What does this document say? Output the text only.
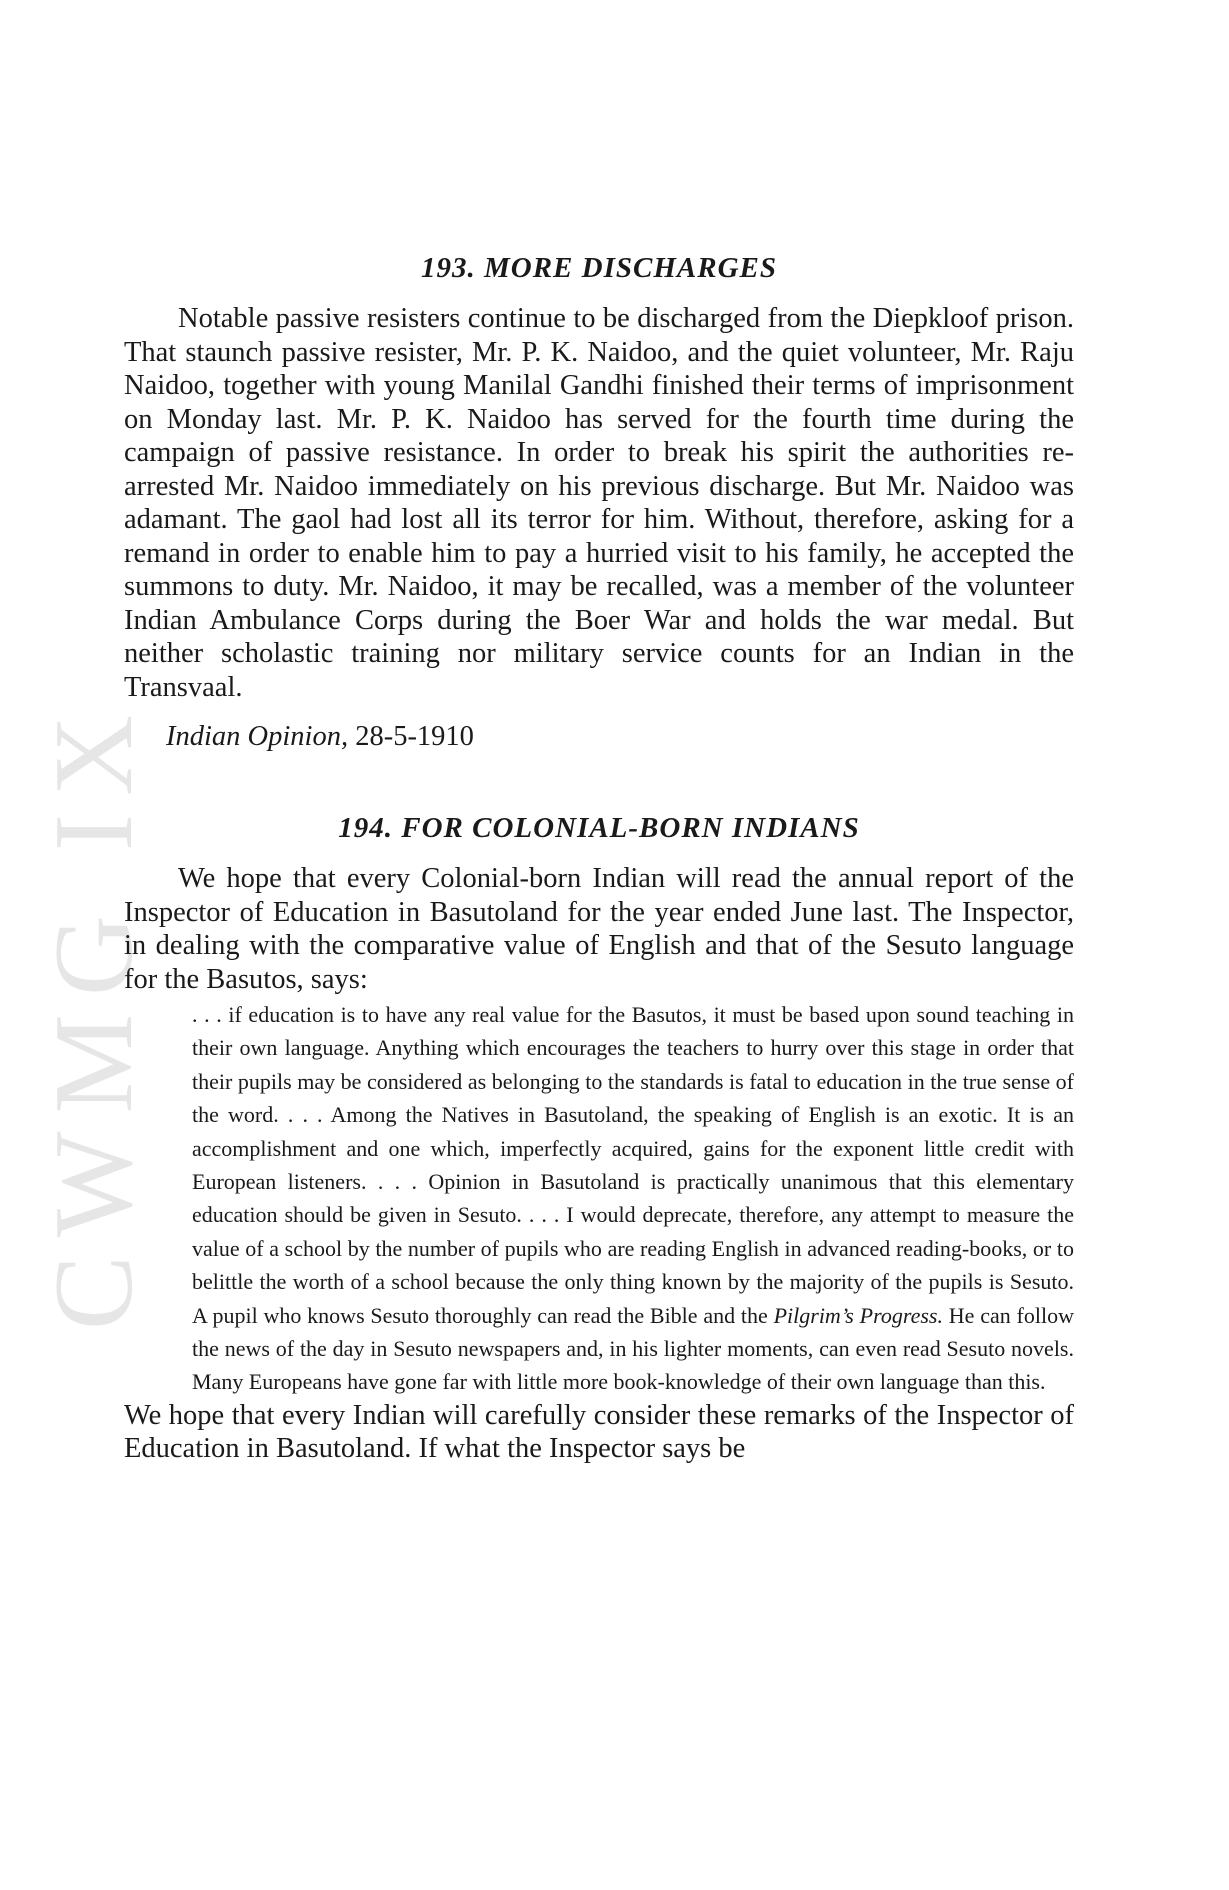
CWMG IX
193. MORE DISCHARGES

Notable passive resisters continue to be discharged from the Diepkloof prison. That staunch passive resister, Mr. P. K. Naidoo, and the quiet volunteer, Mr. Raju Naidoo, together with young Manilal Gandhi finished their terms of imprisonment on Monday last. Mr. P. K. Naidoo has served for the fourth time during the campaign of passive resistance. In order to break his spirit the authorities re-arrested Mr. Naidoo immediately on his previous discharge. But Mr. Naidoo was adamant. The gaol had lost all its terror for him. Without, therefore, asking for a remand in order to enable him to pay a hurried visit to his family, he accepted the summons to duty. Mr. Naidoo, it may be recalled, was a member of the volunteer Indian Ambulance Corps during the Boer War and holds the war medal. But neither scholastic training nor military service counts for an Indian in the Transvaal.

Indian Opinion, 28-5-1910
194. FOR COLONIAL-BORN INDIANS

We hope that every Colonial-born Indian will read the annual report of the Inspector of Education in Basutoland for the year ended June last. The Inspector, in dealing with the comparative value of English and that of the Sesuto language for the Basutos, says:

. . . if education is to have any real value for the Basutos, it must be based upon sound teaching in their own language. Anything which encourages the teachers to hurry over this stage in order that their pupils may be considered as belonging to the standards is fatal to education in the true sense of the word. . . . Among the Natives in Basutoland, the speaking of English is an exotic. It is an accomplishment and one which, imperfectly acquired, gains for the exponent little credit with European listeners. . . . Opinion in Basutoland is practically unanimous that this elementary education should be given in Sesuto. . . . I would deprecate, therefore, any attempt to measure the value of a school by the number of pupils who are reading English in advanced reading-books, or to belittle the worth of a school because the only thing known by the majority of the pupils is Sesuto. A pupil who knows Sesuto thoroughly can read the Bible and the Pilgrim’s Progress. He can follow the news of the day in Sesuto newspapers and, in his lighter moments, can even read Sesuto novels. Many Europeans have gone far with little more book-knowledge of their own language than this.

We hope that every Indian will carefully consider these remarks of the Inspector of Education in Basutoland. If what the Inspector says be
